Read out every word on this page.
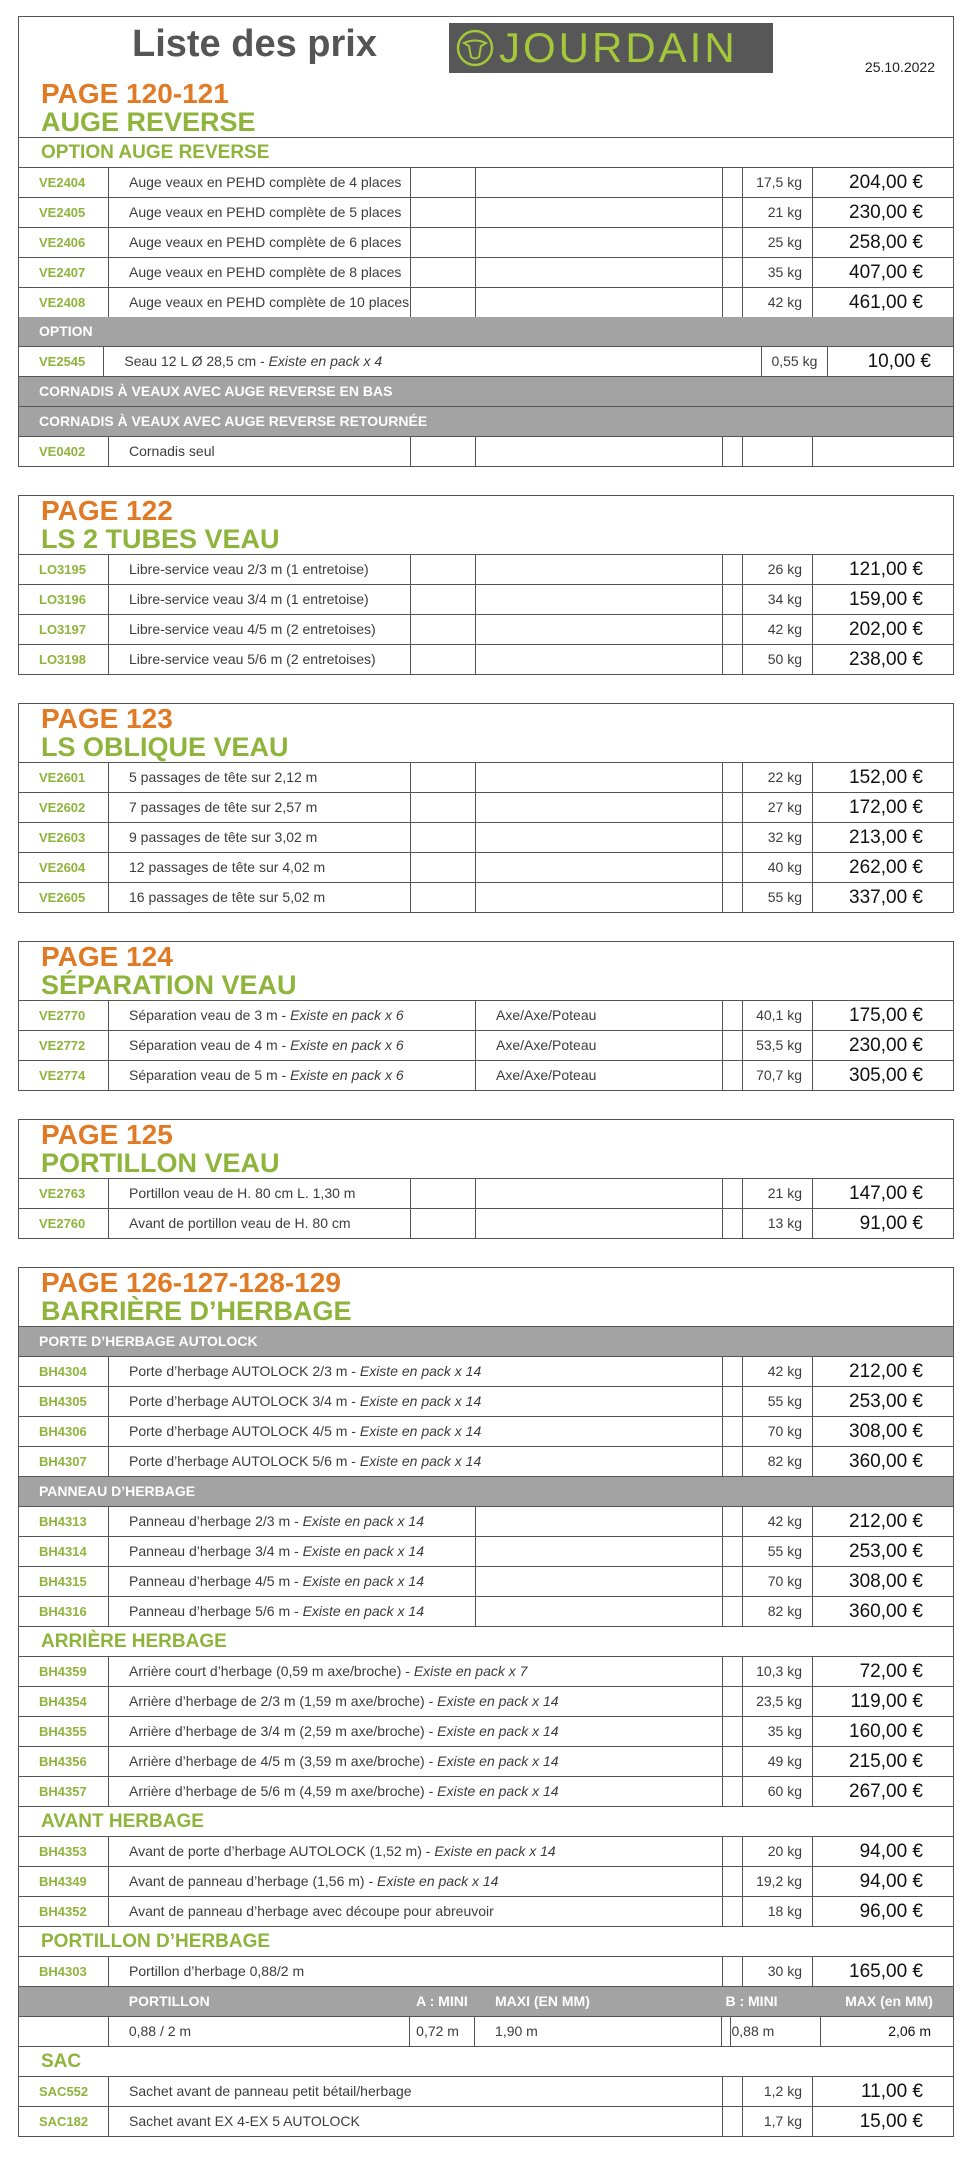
Liste des prix	JOURDAIN	25.10.2022
PAGE 120-121
AUGE REVERSE
OPTION AUGE REVERSE
VE2404	Auge veaux en PEHD complète de 4 places	17,5 kg	204,00 €
VE2405	Auge veaux en PEHD complète de 5 places	21 kg	230,00 €
VE2406	Auge veaux en PEHD complète de 6 places	25 kg	258,00 €
VE2407	Auge veaux en PEHD complète de 8 places	35 kg	407,00 €
VE2408	Auge veaux en PEHD complète de 10 places	42 kg	461,00 €
OPTION
VE2545	Seau 12 L Ø 28,5 cm - Existe en pack x 4	0,55 kg	10,00 €
CORNADIS À VEAUX AVEC AUGE REVERSE EN BAS
CORNADIS À VEAUX AVEC AUGE REVERSE RETOURNÉE
VE0402	Cornadis seul
PAGE 122
LS 2 TUBES VEAU
LO3195	Libre-service veau 2/3 m (1 entretoise)	26 kg	121,00 €
LO3196	Libre-service veau 3/4 m (1 entretoise)	34 kg	159,00 €
LO3197	Libre-service veau 4/5 m (2 entretoises)	42 kg	202,00 €
LO3198	Libre-service veau 5/6 m (2 entretoises)	50 kg	238,00 €
PAGE 123
LS OBLIQUE VEAU
VE2601	5 passages de tête sur 2,12 m	22 kg	152,00 €
VE2602	7 passages de tête sur 2,57 m	27 kg	172,00 €
VE2603	9 passages de tête sur 3,02 m	32 kg	213,00 €
VE2604	12 passages de tête sur 4,02 m	40 kg	262,00 €
VE2605	16 passages de tête sur 5,02 m	55 kg	337,00 €
PAGE 124
SÉPARATION VEAU
VE2770	Séparation veau de 3 m - Existe en pack x 6	Axe/Axe/Poteau	40,1 kg	175,00 €
VE2772	Séparation veau de 4 m - Existe en pack x 6	Axe/Axe/Poteau	53,5 kg	230,00 €
VE2774	Séparation veau de 5 m - Existe en pack x 6	Axe/Axe/Poteau	70,7 kg	305,00 €
PAGE 125
PORTILLON VEAU
VE2763	Portillon veau de H. 80 cm L. 1,30 m	21 kg	147,00 €
VE2760	Avant de portillon veau de H. 80 cm	13 kg	91,00 €
PAGE 126-127-128-129
BARRIÈRE D’HERBAGE
PORTE D’HERBAGE AUTOLOCK
BH4304	Porte d’herbage AUTOLOCK 2/3 m - Existe en pack x 14	42 kg	212,00 €
BH4305	Porte d’herbage AUTOLOCK 3/4 m - Existe en pack x 14	55 kg	253,00 €
BH4306	Porte d’herbage AUTOLOCK 4/5 m - Existe en pack x 14	70 kg	308,00 €
BH4307	Porte d’herbage AUTOLOCK 5/6 m - Existe en pack x 14	82 kg	360,00 €
PANNEAU D’HERBAGE
BH4313	Panneau d’herbage 2/3 m - Existe en pack x 14	42 kg	212,00 €
BH4314	Panneau d’herbage 3/4 m - Existe en pack x 14	55 kg	253,00 €
BH4315	Panneau d’herbage 4/5 m - Existe en pack x 14	70 kg	308,00 €
BH4316	Panneau d’herbage 5/6 m - Existe en pack x 14	82 kg	360,00 €
ARRIÈRE HERBAGE
BH4359	Arrière court d’herbage (0,59 m axe/broche) - Existe en pack x 7	10,3 kg	72,00 €
BH4354	Arrière d’herbage de 2/3 m (1,59 m axe/broche) - Existe en pack x 14	23,5 kg	119,00 €
BH4355	Arrière d’herbage de 3/4 m (2,59 m axe/broche) - Existe en pack x 14	35 kg	160,00 €
BH4356	Arrière d’herbage de 4/5 m (3,59 m axe/broche) - Existe en pack x 14	49 kg	215,00 €
BH4357	Arrière d’herbage de 5/6 m (4,59 m axe/broche) - Existe en pack x 14	60 kg	267,00 €
AVANT HERBAGE
BH4353	Avant de porte d’herbage AUTOLOCK (1,52 m) - Existe en pack x 14	20 kg	94,00 €
BH4349	Avant de panneau d’herbage (1,56 m) - Existe en pack x 14	19,2 kg	94,00 €
BH4352	Avant de panneau d’herbage avec découpe pour abreuvoir	18 kg	96,00 €
PORTILLON D’HERBAGE
BH4303	Portillon d’herbage 0,88/2 m	30 kg	165,00 €
PORTILLON	A : MINI	MAXI (EN MM)	B : MINI	MAX (en MM)
0,88 / 2 m	0,72 m	1,90 m	0,88 m	2,06 m
SAC
SAC552	Sachet avant de panneau petit bétail/herbage	1,2 kg	11,00 €
SAC182	Sachet avant EX 4-EX 5 AUTOLOCK	1,7 kg	15,00 €
